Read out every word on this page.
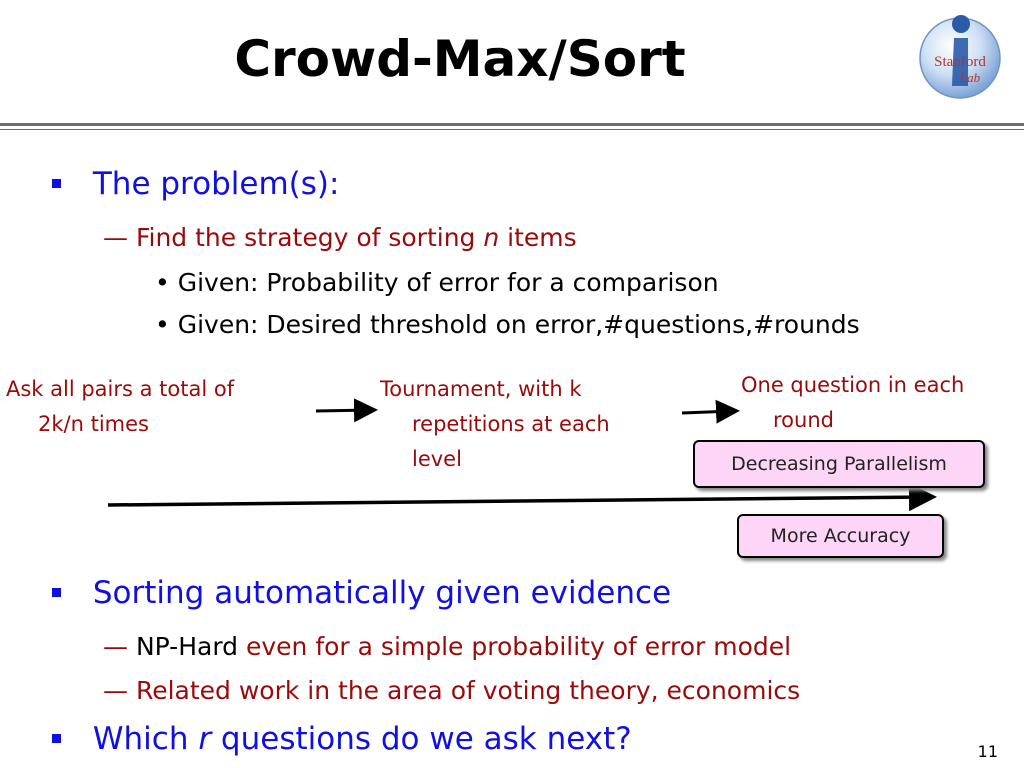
Crowd-Max/Sort	Stanford
Lab
The problem(s):
— Find the strategy of sorting n items
• Given: Probability of error for a comparison
• Given: Desired threshold on error,#questions,#rounds
Ask all pairs a total of
2k/n times
Tournament, with k
repetitions at each
level
One question in each
round
Decreasing Parallelism
More Accuracy
Sorting automatically given evidence
— NP-Hard even for a simple probability of error model
— Related work in the area of voting theory, economics
Which r questions do we ask next?	11
